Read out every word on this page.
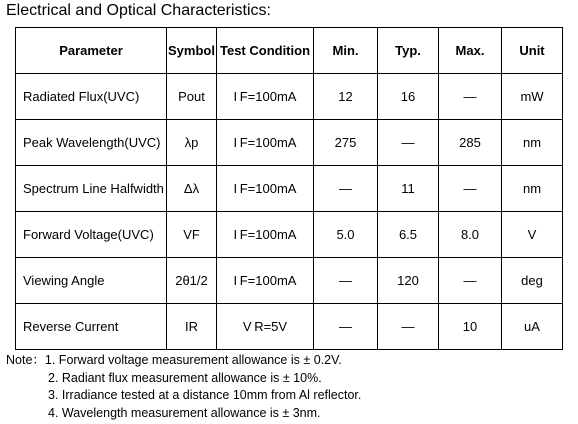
Electrical and Optical Characteristics:
Parameter	Symbol	Test Condition	Min.	Typ.	Max.	Unit
Radiated Flux(UVC)	Pout	I F=100mA	12	16	—	mW
Peak Wavelength(UVC)	λp	I F=100mA	275	—	285	nm
Spectrum Line Halfwidth	Δλ	I F=100mA	—	11	—	nm
Forward Voltage(UVC)	VF	I F=100mA	5.0	6.5	8.0	V
Viewing Angle	2θ1/2	I F=100mA	—	120	—	deg
Reverse Current	IR	V R=5V	—	—	10	uA
Note：1. Forward voltage measurement allowance is ± 0.2V.
2. Radiant flux measurement allowance is ± 10%.
3. Irradiance tested at a distance 10mm from Al reflector.
4. Wavelength measurement allowance is ± 3nm.
